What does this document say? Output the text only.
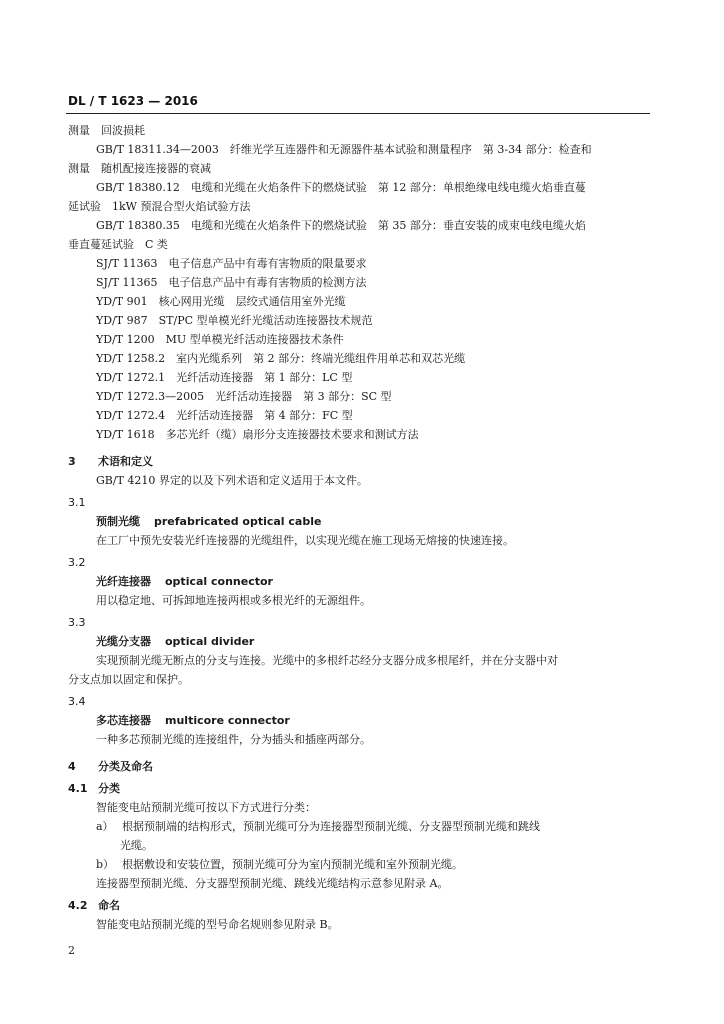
DL / T 1623 — 2016
测量　回波损耗
GB/T 18311.34—2003　纤维光学互连器件和无源器件基本试验和测量程序　第 3-34 部分：检查和
测量　随机配接连接器的衰减
GB/T 18380.12　电缆和光缆在火焰条件下的燃烧试验　第 12 部分：单根绝缘电线电缆火焰垂直蔓
延试验　1kW 预混合型火焰试验方法
GB/T 18380.35　电缆和光缆在火焰条件下的燃烧试验　第 35 部分：垂直安装的成束电线电缆火焰
垂直蔓延试验　C 类
SJ/T 11363　电子信息产品中有毒有害物质的限量要求
SJ/T 11365　电子信息产品中有毒有害物质的检测方法
YD/T 901　核心网用光缆　层绞式通信用室外光缆
YD/T 987　ST/PC 型单模光纤光缆活动连接器技术规范
YD/T 1200　MU 型单模光纤活动连接器技术条件
YD/T 1258.2　室内光缆系列　第 2 部分：终端光缆组件用单芯和双芯光缆
YD/T 1272.1　光纤活动连接器　第 1 部分：LC 型
YD/T 1272.3—2005　光纤活动连接器　第 3 部分：SC 型
YD/T 1272.4　光纤活动连接器　第 4 部分：FC 型
YD/T 1618　多芯光纤（缆）扇形分支连接器技术要求和测试方法
3 术语和定义
GB/T 4210 界定的以及下列术语和定义适用于本文件。
3.1
预制光缆 prefabricated optical cable
在工厂中预先安装光纤连接器的光缆组件，以实现光缆在施工现场无熔接的快速连接。
3.2
光纤连接器 optical connector
用以稳定地、可拆卸地连接两根或多根光纤的无源组件。
3.3
光缆分支器 optical divider
实现预制光缆无断点的分支与连接。光缆中的多根纤芯经分支器分成多根尾纤，并在分支器中对
分支点加以固定和保护。
3.4
多芯连接器 multicore connector
一种多芯预制光缆的连接组件，分为插头和插座两部分。
4 分类及命名
4.1 分类
智能变电站预制光缆可按以下方式进行分类：
a） 根据预制端的结构形式，预制光缆可分为连接器型预制光缆、分支器型预制光缆和跳线
光缆。
b） 根据敷设和安装位置，预制光缆可分为室内预制光缆和室外预制光缆。
连接器型预制光缆、分支器型预制光缆、跳线光缆结构示意参见附录 A。
4.2 命名
智能变电站预制光缆的型号命名规则参见附录 B。
2
